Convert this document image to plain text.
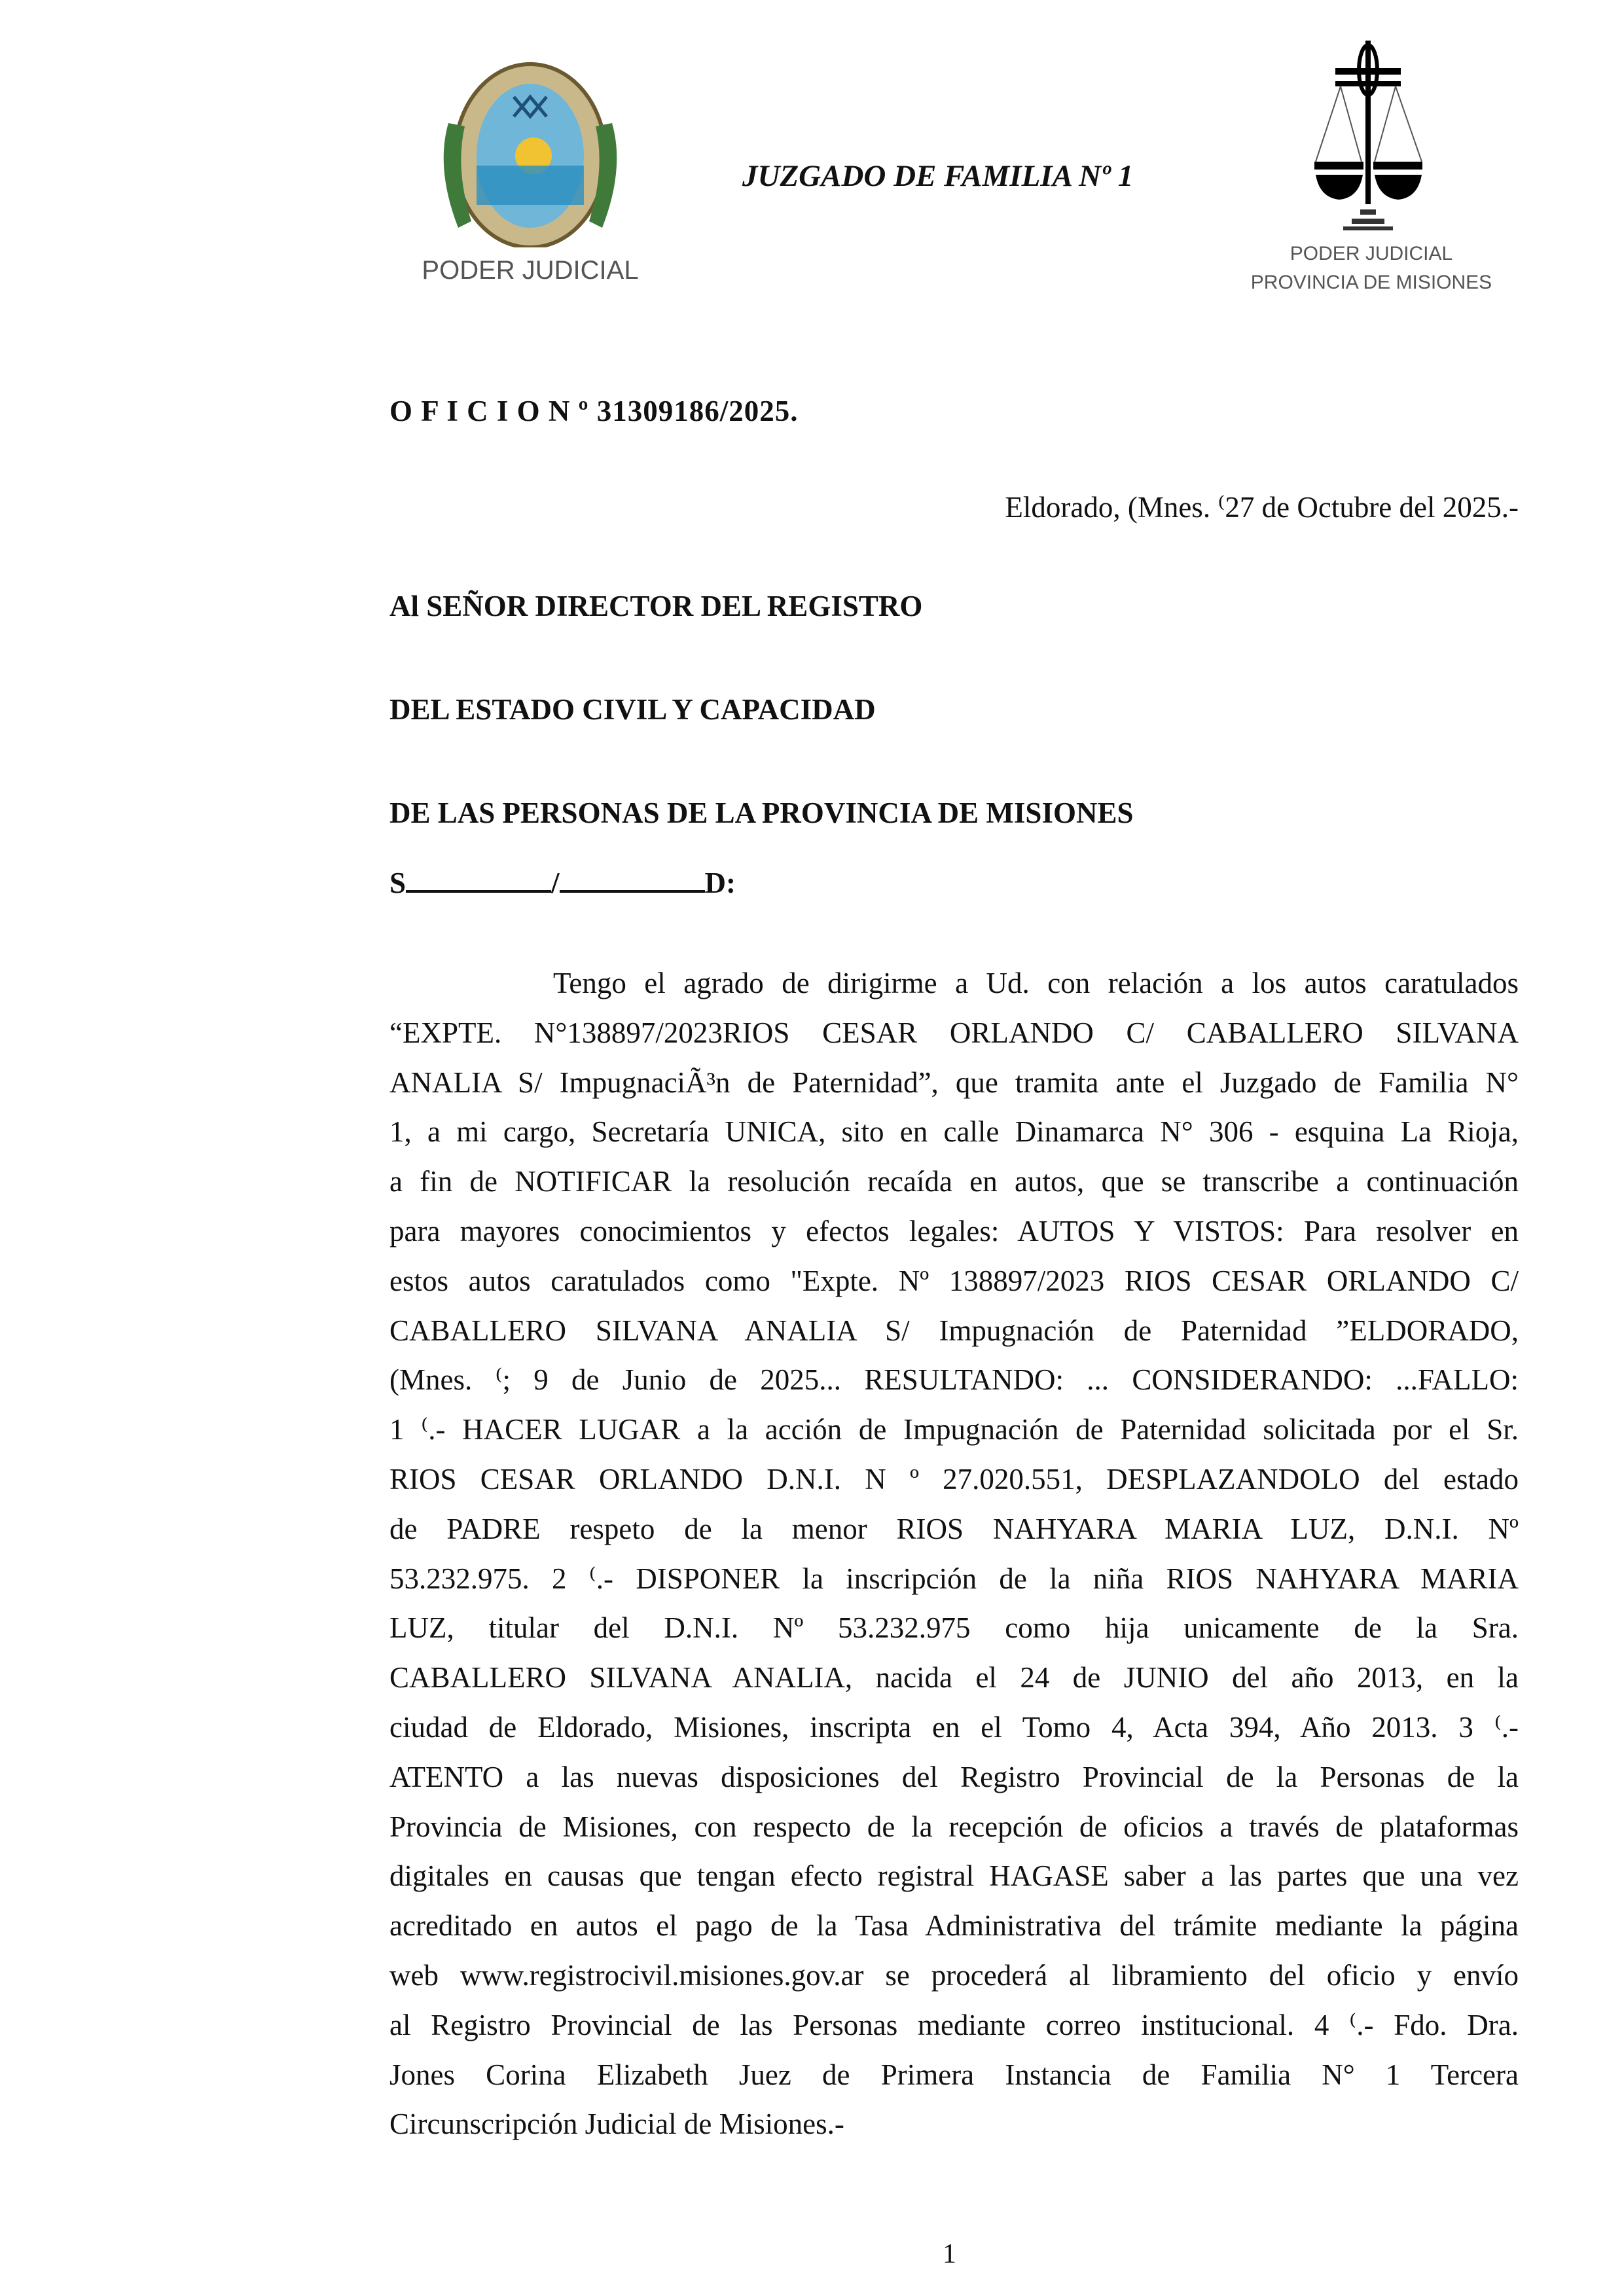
PODER JUDICIAL
JUZGADO DE FAMILIA Nº 1
PODER JUDICIAL
PROVINCIA DE MISIONES
O F I C I O N º 31309186/2025.
Eldorado, (Mnes. ⁽27 de Octubre del 2025.-
Al SEÑOR DIRECTOR DEL REGISTRO
DEL ESTADO CIVIL Y CAPACIDAD
DE LAS PERSONAS DE LA PROVINCIA DE MISIONES
S	/	D:
Tengo el agrado de dirigirme a Ud. con relación a los autos caratulados
“EXPTE. N°138897/2023RIOS CESAR ORLANDO C/ CABALLERO SILVANA
ANALIA S/ ImpugnaciÃ³n de Paternidad”, que tramita ante el Juzgado de Familia N°
1, a mi cargo, Secretaría UNICA, sito en calle Dinamarca N° 306 - esquina La Rioja,
a fin de NOTIFICAR la resolución recaída en autos, que se transcribe a continuación
para mayores conocimientos y efectos legales: AUTOS Y VISTOS: Para resolver en
estos autos caratulados como "Expte. Nº 138897/2023 RIOS CESAR ORLANDO C/
CABALLERO SILVANA ANALIA S/ Impugnación de Paternidad ”ELDORADO,
(Mnes. ⁽; 9 de Junio de 2025... RESULTANDO: ... CONSIDERANDO: ...FALLO:
1 ⁽.- HACER LUGAR a la acción de Impugnación de Paternidad solicitada por el Sr.
RIOS CESAR ORLANDO D.N.I. N º 27.020.551, DESPLAZANDOLO del estado
de PADRE respeto de la menor RIOS NAHYARA MARIA LUZ, D.N.I. Nº
53.232.975. 2 ⁽.- DISPONER la inscripción de la niña RIOS NAHYARA MARIA
LUZ, titular del D.N.I. Nº 53.232.975 como hija unicamente de la Sra.
CABALLERO SILVANA ANALIA, nacida el 24 de JUNIO del año 2013, en la
ciudad de Eldorado, Misiones, inscripta en el Tomo 4, Acta 394, Año 2013. 3 ⁽.-
ATENTO a las nuevas disposiciones del Registro Provincial de la Personas de la
Provincia de Misiones, con respecto de la recepción de oficios a través de plataformas
digitales en causas que tengan efecto registral HAGASE saber a las partes que una vez
acreditado en autos el pago de la Tasa Administrativa del trámite mediante la página
web www.registrocivil.misiones.gov.ar se procederá al libramiento del oficio y envío
al Registro Provincial de las Personas mediante correo institucional. 4 ⁽.- Fdo. Dra.
Jones Corina Elizabeth Juez de Primera Instancia de Familia N° 1 Tercera
Circunscripción Judicial de Misiones.-
1
